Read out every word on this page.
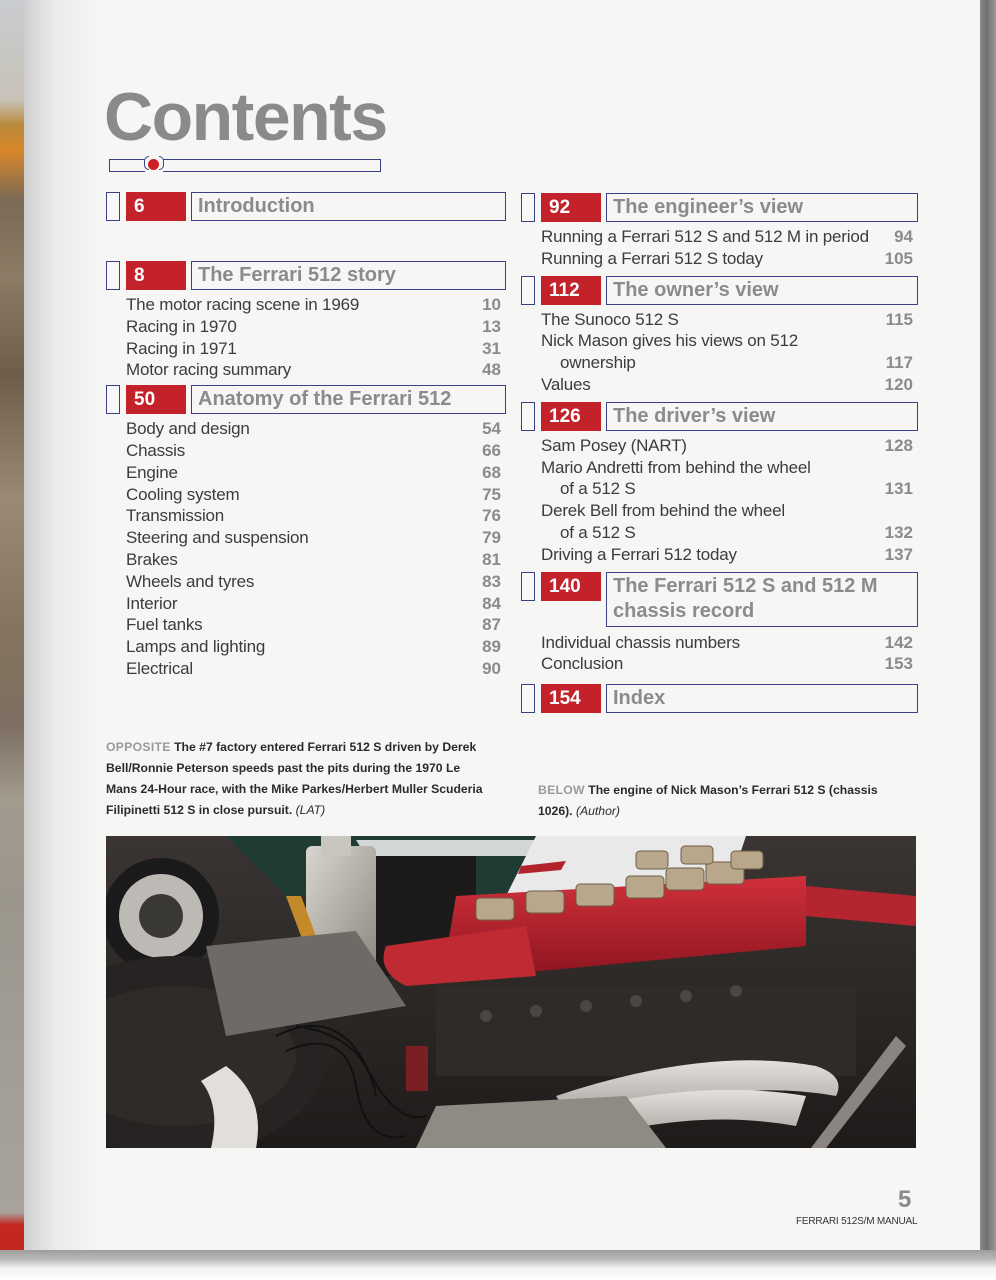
Contents
6	Introduction
8	The Ferrari 512 story
The motor racing scene in 1969	10
Racing in 1970	13
Racing in 1971	31
Motor racing summary	48
50	Anatomy of the Ferrari 512
Body and design	54
Chassis	66
Engine	68
Cooling system	75
Transmission	76
Steering and suspension	79
Brakes	81
Wheels and tyres	83
Interior	84
Fuel tanks	87
Lamps and lighting	89
Electrical	90
92	The engineer’s view
Running a Ferrari 512 S and 512 M in period 94
Running a Ferrari 512 S today	105
112	The owner’s view
The Sunoco 512 S	115
Nick Mason gives his views on 512
ownership	117
Values	120
126	The driver’s view
Sam Posey (NART)	128
Mario Andretti from behind the wheel
of a 512 S	131
Derek Bell from behind the wheel
of a 512 S	132
Driving a Ferrari 512 today	137
140	The Ferrari 512 S and 512 M
chassis record
Individual chassis numbers	142
Conclusion	153
154	Index

OPPOSITE The #7 factory entered Ferrari 512 S driven by Derek Bell/Ronnie Peterson speeds past the pits during the 1970 Le Mans 24-Hour race, with the Mike Parkes/Herbert Muller Scuderia Filipinetti 512 S in close pursuit. (LAT)

BELOW The engine of Nick Mason’s Ferrari 512 S (chassis 1026). (Author)

5
FERRARI 512S/M MANUAL
